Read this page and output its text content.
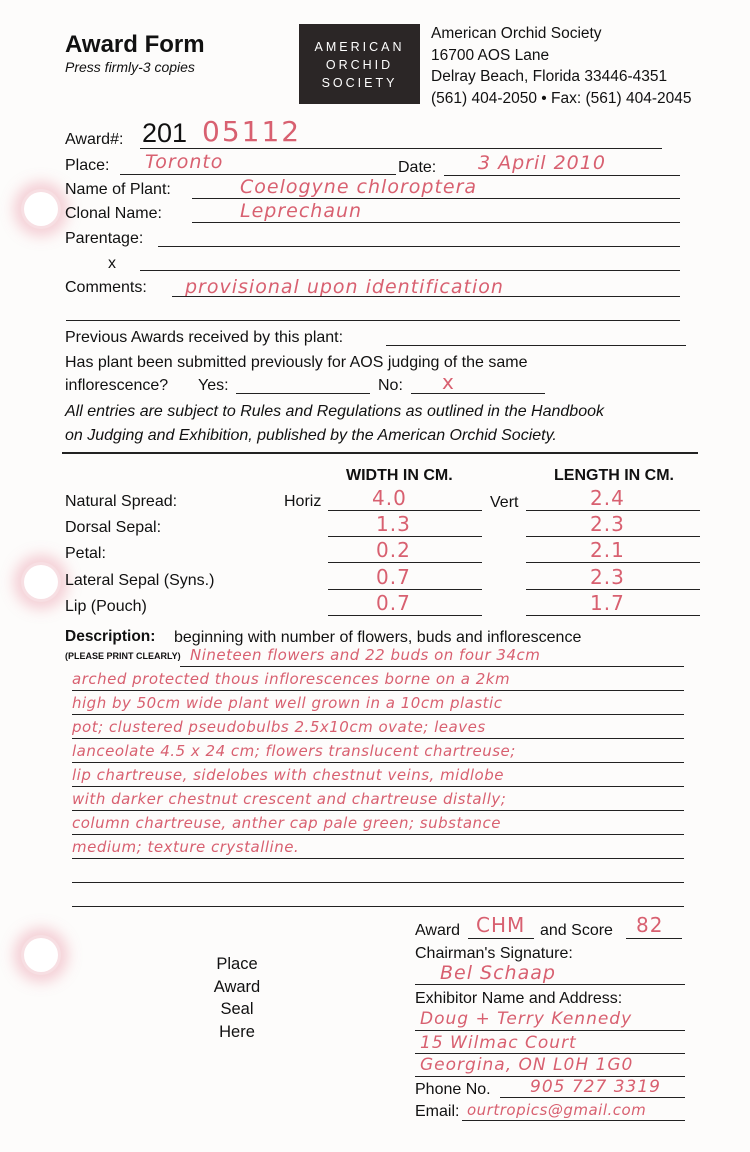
Award Form
Press firmly-3 copies
AMERICAN
ORCHID
SOCIETY
American Orchid Society
16700 AOS Lane
Delray Beach, Florida 33446-4351
(561) 404-2050 • Fax: (561) 404-2045
Award#: 201 05112
Place: Toronto	Date: 3 April 2010
Name of Plant:	Coelogyne chloroptera
Clonal Name:	Leprechaun
Parentage:
x
Comments: provisional upon identification
Previous Awards received by this plant:
Has plant been submitted previously for AOS judging of the same
inflorescence? Yes:	No: x
All entries are subject to Rules and Regulations as outlined in the Handbook
on Judging and Exhibition, published by the American Orchid Society.
WIDTH IN CM.	LENGTH IN CM.
Natural Spread:	Horiz	4.0	Vert	2.4
Dorsal Sepal:	1.3	2.3
Petal:	0.2	2.1
Lateral Sepal (Syns.)	0.7	2.3
Lip (Pouch)	0.7	1.7
Description: beginning with number of flowers, buds and inflorescence
(PLEASE PRINT CLEARLY) Nineteen flowers and 22 buds on four 34cm
arched protected thous inflorescences borne on a 2km
high by 50cm wide plant well grown in a 10cm plastic
pot; clustered pseudobulbs 2.5x10cm ovate; leaves
lanceolate 4.5 x 24 cm; flowers translucent chartreuse;
lip chartreuse, sidelobes with chestnut veins, midlobe
with darker chestnut crescent and chartreuse distally;
column chartreuse, anther cap pale green; substance
medium; texture crystalline.
Place
Award
Seal
Here
Award CHM and Score 82
Chairman's Signature:
Bel Schaap
Exhibitor Name and Address:
Doug + Terry Kennedy
15 Wilmac Court
Georgina, ON L0H 1G0
Phone No. 905 727 3319
Email: ourtropics@gmail.com
